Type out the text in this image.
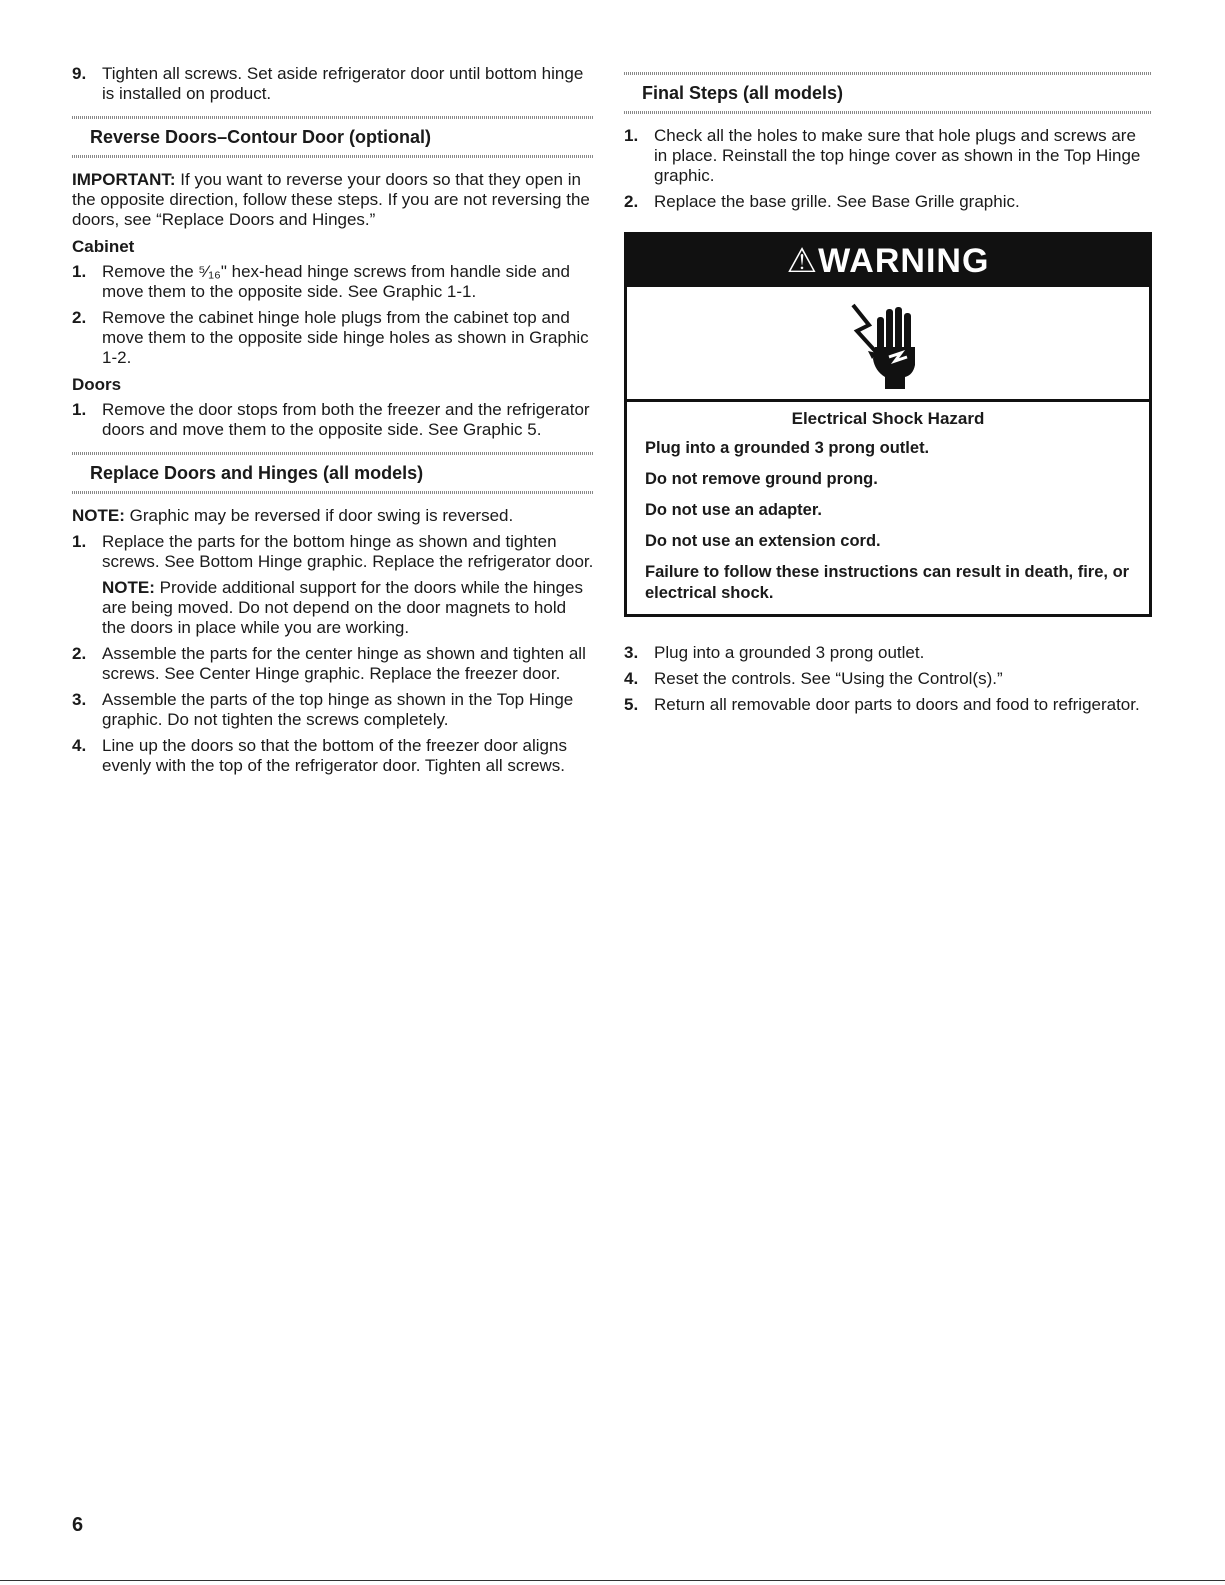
9. Tighten all screws. Set aside refrigerator door until bottom hinge is installed on product.
Reverse Doors–Contour Door (optional)

IMPORTANT: If you want to reverse your doors so that they open in the opposite direction, follow these steps. If you are not reversing the doors, see “Replace Doors and Hinges.”

Cabinet
1. Remove the ⁵⁄₁₆" hex-head hinge screws from handle side and move them to the opposite side. See Graphic 1-1.
2. Remove the cabinet hinge hole plugs from the cabinet top and move them to the opposite side hinge holes as shown in Graphic 1-2.
Doors
1. Remove the door stops from both the freezer and the refrigerator doors and move them to the opposite side. See Graphic 5.
Replace Doors and Hinges (all models)

NOTE: Graphic may be reversed if door swing is reversed.

1. Replace the parts for the bottom hinge as shown and tighten screws. See Bottom Hinge graphic. Replace the refrigerator door.

NOTE: Provide additional support for the doors while the hinges are being moved. Do not depend on the door magnets to hold the doors in place while you are working.

2. Assemble the parts for the center hinge as shown and tighten all screws. See Center Hinge graphic. Replace the freezer door.
3. Assemble the parts of the top hinge as shown in the Top Hinge graphic. Do not tighten the screws completely.
4. Line up the doors so that the bottom of the freezer door aligns evenly with the top of the refrigerator door. Tighten all screws.
Final Steps (all models)
1. Check all the holes to make sure that hole plugs and screws are in place. Reinstall the top hinge cover as shown in the Top Hinge graphic.
2. Replace the base grille. See Base Grille graphic.
⚠WARNING
Electrical Shock Hazard

Plug into a grounded 3 prong outlet.

Do not remove ground prong.

Do not use an adapter.

Do not use an extension cord.

Failure to follow these instructions can result in death, fire, or electrical shock.

3. Plug into a grounded 3 prong outlet.
4. Reset the controls. See “Using the Control(s).”
5. Return all removable door parts to doors and food to refrigerator.
6
